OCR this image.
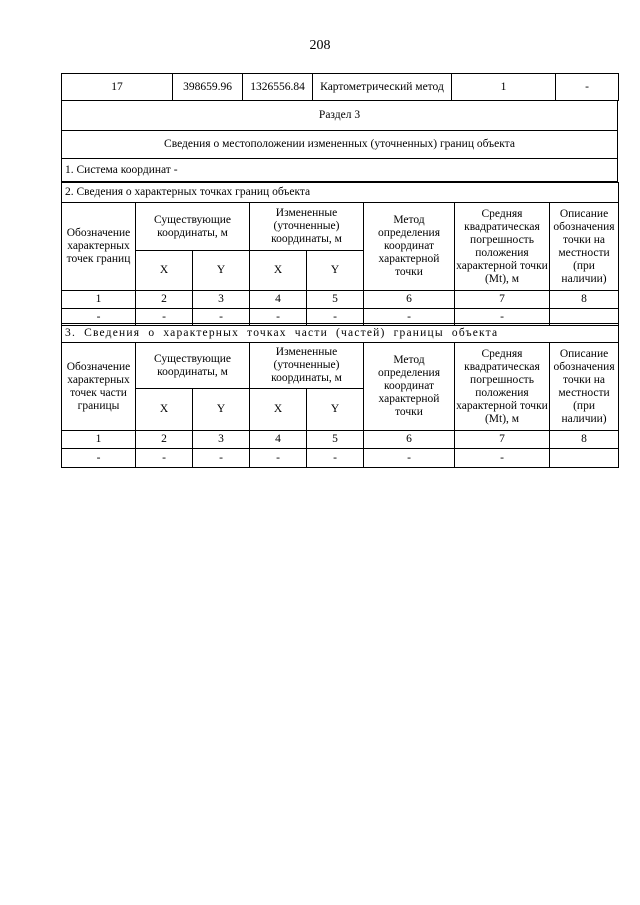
208
17	398659.96	1326556.84	Картометрический метод	1	-
Раздел 3
Сведения о местоположении измененных (уточненных) границ объекта
1. Система координат -
2. Сведения о характерных точках границ объекта							
Обозначение характерных точек границ	Существующие координаты, м		Измененные (уточненные) координаты, м		Метод определения координат характерной точки	Средняя квадратическая погрешность положения характерной точки (Mt), м	Описание обозначения точки на местности (при наличии)
	X	Y	X	Y			
1	2	3	4	5	6	7	8
-	-	-	-	-	-	-	
3. Сведения о характерных точках части (частей) границы объекта							
Обозначение характерных точек части границы	Существующие координаты, м		Измененные (уточненные) координаты, м		Метод определения координат характерной точки	Средняя квадратическая погрешность положения характерной точки (Mt), м	Описание обозначения точки на местности (при наличии)
	X	Y	X	Y			
1	2	3	4	5	6	7	8
-	-	-	-	-	-	-	
